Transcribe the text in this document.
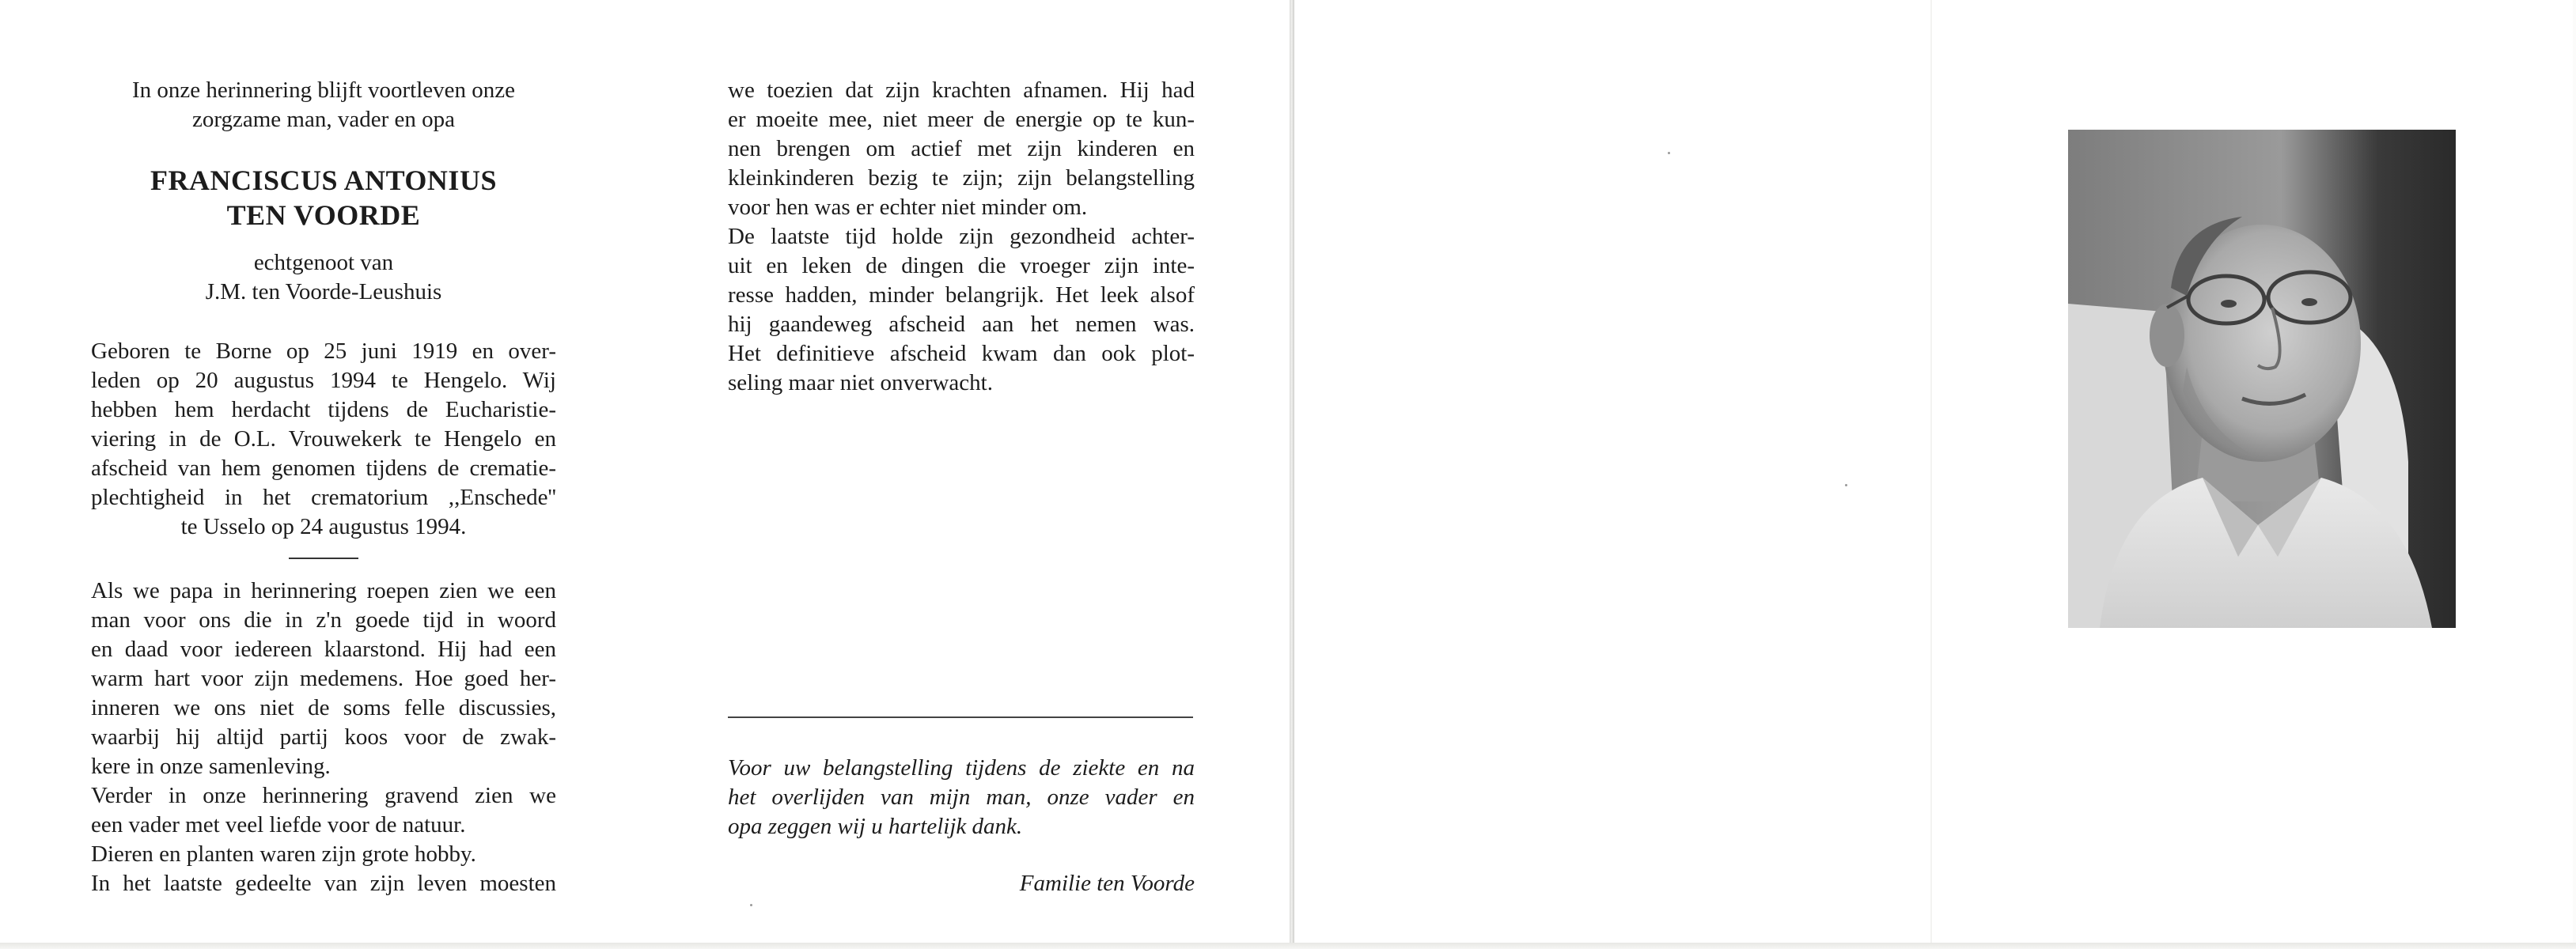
In onze herinnering blijft voortleven onze
zorgzame man, vader en opa
FRANCISCUS ANTONIUS
TEN VOORDE
echtgenoot van
J.M. ten Voorde-Leushuis
Geboren te Borne op 25 juni 1919 en over-
leden op 20 augustus 1994 te Hengelo. Wij
hebben hem herdacht tijdens de Eucharistie-
viering in de O.L. Vrouwekerk te Hengelo en
afscheid van hem genomen tijdens de crematie-
plechtigheid in het crematorium ,,Enschede''
te Usselo op 24 augustus 1994.
Als we papa in herinnering roepen zien we een
man voor ons die in z'n goede tijd in woord
en daad voor iedereen klaarstond. Hij had een
warm hart voor zijn medemens. Hoe goed her-
inneren we ons niet de soms felle discussies,
waarbij hij altijd partij koos voor de zwak-
kere in onze samenleving.
Verder in onze herinnering gravend zien we
een vader met veel liefde voor de natuur.
Dieren en planten waren zijn grote hobby.
In het laatste gedeelte van zijn leven moesten
we toezien dat zijn krachten afnamen. Hij had
er moeite mee, niet meer de energie op te kun-
nen brengen om actief met zijn kinderen en
kleinkinderen bezig te zijn; zijn belangstelling
voor hen was er echter niet minder om.
De laatste tijd holde zijn gezondheid achter-
uit en leken de dingen die vroeger zijn inte-
resse hadden, minder belangrijk. Het leek alsof
hij gaandeweg afscheid aan het nemen was.
Het definitieve afscheid kwam dan ook plot-
seling maar niet onverwacht.
Voor uw belangstelling tijdens de ziekte en na
het overlijden van mijn man, onze vader en
opa zeggen wij u hartelijk dank.
Familie ten Voorde
